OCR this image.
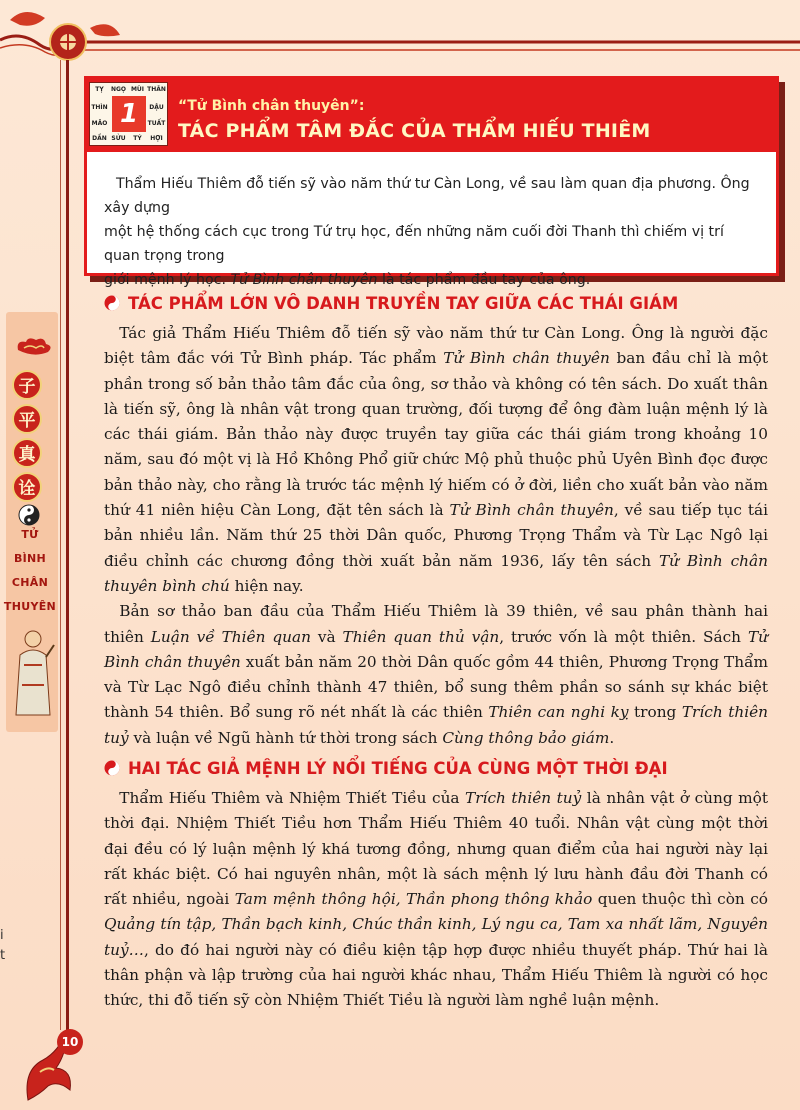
子
平
真
诠
TỬ
BÌNH
CHÂN
THUYÊN
TỴ	NGỌ MÙI THÂN
THÌN	DẬU
MÃO	TUẤT
DẦN SỬU	TÝ	HỢI
1	“Tử Bình chân thuyên”:
TÁC PHẨM TÂM ĐẮC CỦA THẨM HIẾU THIÊM
Thẩm Hiếu Thiêm đỗ tiến sỹ vào năm thứ tư Càn Long, về sau làm quan địa phương. Ông xây dựng
một hệ thống cách cục trong Tứ trụ học, đến những năm cuối đời Thanh thì chiếm vị trí quan trọng trong
giới mệnh lý học. Tử Bình chân thuyên là tác phẩm đầu tay của ông.
TÁC PHẨM LỚN VÔ DANH TRUYỀN TAY GIỮA CÁC THÁI GIÁM

 Tác giả Thẩm Hiếu Thiêm đỗ tiến sỹ vào năm thứ tư Càn Long. Ông là người đặc biệt tâm đắc với Tử Bình pháp. Tác phẩm Tử Bình chân thuyên ban đầu chỉ là một phần trong số bản thảo tâm đắc của ông, sơ thảo và không có tên sách. Do xuất thân là tiến sỹ, ông là nhân vật trong quan trường, đối tượng để ông đàm luận mệnh lý là các thái giám. Bản thảo này được truyền tay giữa các thái giám trong khoảng 10 năm, sau đó một vị là Hồ Không Phổ giữ chức Mộ phủ thuộc phủ Uyên Bình đọc được bản thảo này, cho rằng là trước tác mệnh lý hiếm có ở đời, liền cho xuất bản vào năm thứ 41 niên hiệu Càn Long, đặt tên sách là Tử Bình chân thuyên, về sau tiếp tục tái bản nhiều lần. Năm thứ 25 thời Dân quốc, Phương Trọng Thẩm và Từ Lạc Ngô lại điều chỉnh các chương đồng thời xuất bản năm 1936, lấy tên sách Tử Bình chân thuyên bình chú hiện nay.

 Bản sơ thảo ban đầu của Thẩm Hiếu Thiêm là 39 thiên, về sau phân thành hai thiên Luận về Thiên quan và Thiên quan thủ vận, trước vốn là một thiên. Sách Tử Bình chân thuyên xuất bản năm 20 thời Dân quốc gồm 44 thiên, Phương Trọng Thẩm và Từ Lạc Ngô điều chỉnh thành 47 thiên, bổ sung thêm phần so sánh sự khác biệt thành 54 thiên. Bổ sung rõ nét nhất là các thiên Thiên can nghi kỵ trong Trích thiên tuỷ và luận về Ngũ hành tứ thời trong sách Cùng thông bảo giám.

HAI TÁC GIẢ MỆNH LÝ NỔI TIẾNG CỦA CÙNG MỘT THỜI ĐẠI

 Thẩm Hiếu Thiêm và Nhiệm Thiết Tiều của Trích thiên tuỷ là nhân vật ở cùng một thời đại. Nhiệm Thiết Tiều hơn Thẩm Hiếu Thiêm 40 tuổi. Nhân vật cùng một thời đại đều có lý luận mệnh lý khá tương đồng, nhưng quan điểm của hai người này lại rất khác biệt. Có hai nguyên nhân, một là sách mệnh lý lưu hành đầu đời Thanh có rất nhiều, ngoài Tam mệnh thông hội, Thần phong thông khảo quen thuộc thì còn có Quảng tín tập, Thần bạch kinh, Chúc thần kinh, Lý ngu ca, Tam xa nhất lãm, Nguyên tuỷ…, do đó hai người này có điều kiện tập hợp được nhiều thuyết pháp. Thứ hai là thân phận và lập trường của hai người khác nhau, Thẩm Hiếu Thiêm là người có học thức, thi đỗ tiến sỹ còn Nhiệm Thiết Tiều là người làm nghề luận mệnh.

10
i
t
